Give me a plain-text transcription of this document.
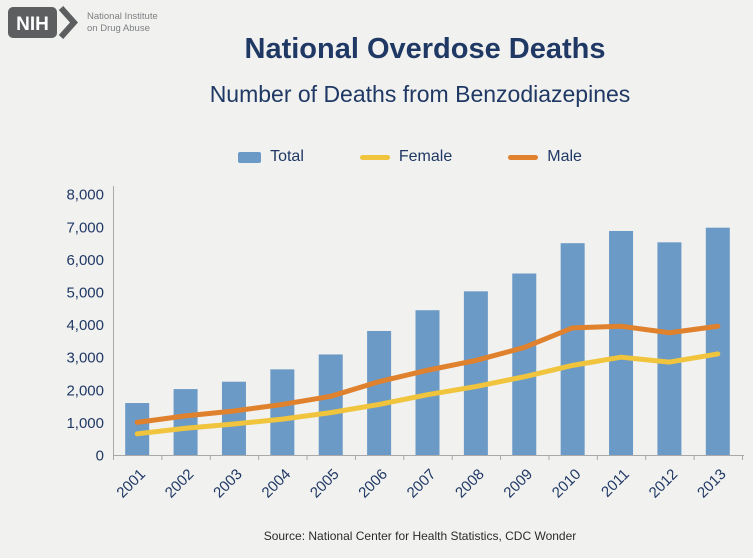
NIH	National Institute
on Drug Abuse
National Overdose Deaths
Number of Deaths from Benzodiazepines
Total	Female	Male
0
1,000
2,000
3,000
4,000
5,000
6,000
7,000
8,000
2001 2002 2003 2004 2005 2006 2007 2008 2009 2010 2011 2012 2013
Source: National Center for Health Statistics, CDC Wonder
